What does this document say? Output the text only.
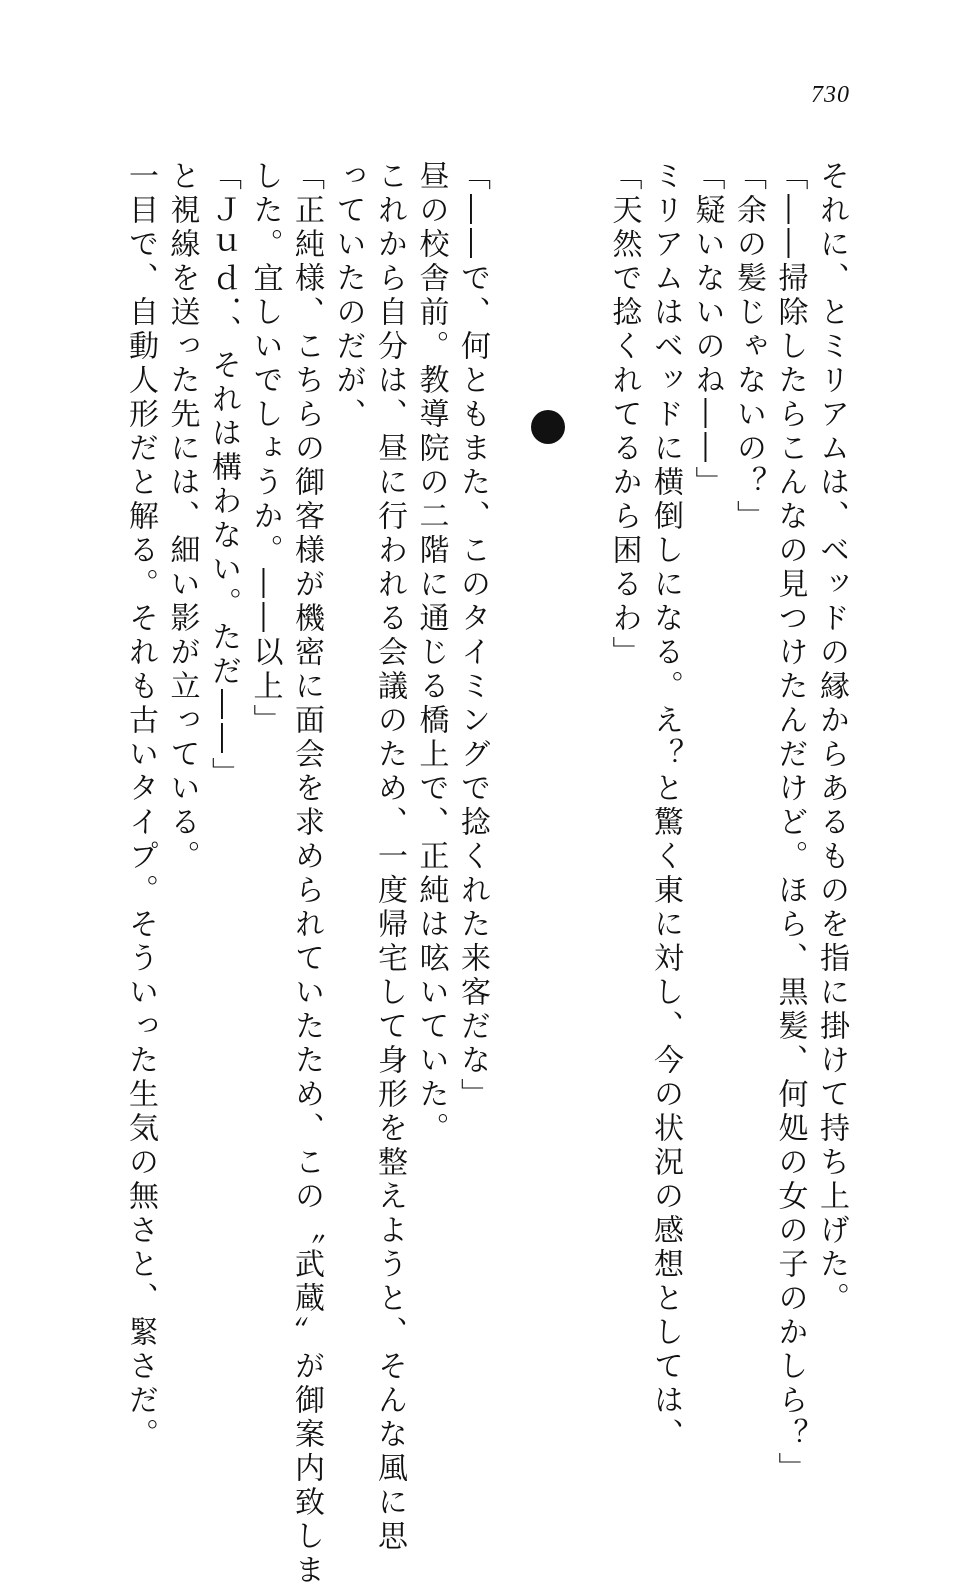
730

それに、とミリアムは、ベッドの縁からあるものを指に掛けて持ち上げた。

「――掃除したらこんなの見つけたんだけど。ほら、黒髪、何処の女の子のかしら？」

「余の髪じゃないの？」

「疑いないのね――」

ミリアムはベッドに横倒しになる。え？と驚く東に対し、今の状況の感想としては、

「天然で捻くれてるから困るわ」

「――で、何ともまた、このタイミングで捻くれた来客だな」

昼の校舎前。教導院の二階に通じる橋上で、正純は呟いていた。

これから自分は、昼に行われる会議のため、一度帰宅して身形を整えようと、そんな風に思

っていたのだが、

「正純様、こちらの御客様が機密に面会を求められていたため、この〝武蔵〟が御案内致しま

した。宜しいでしょうか。――以上」

「Ｊｕｄ．、それは構わない。ただ――」

と視線を送った先には、細い影が立っている。

一目で、自動人形だと解る。それも古いタイプ。そういった生気の無さと、緊さだ。
